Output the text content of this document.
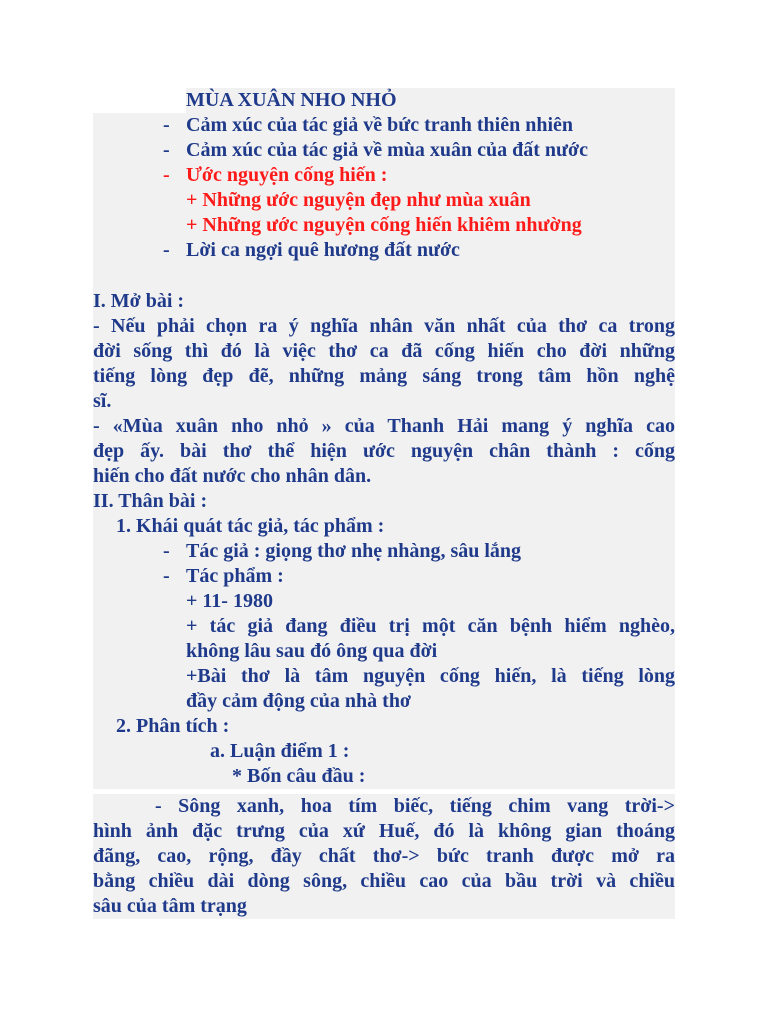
MÙA XUÂN NHO NHỎ
- Cảm xúc của tác giả về bức tranh thiên nhiên
- Cảm xúc của tác giả về mùa xuân của đất nước
- Ước nguyện cống hiến :
+ Những ước nguyện đẹp như mùa xuân
+ Những ước nguyện cống hiến khiêm nhường
- Lời ca ngợi quê hương đất nước
I. Mở bài :
- Nếu phải chọn ra ý nghĩa nhân văn nhất của thơ ca trong
đời sống thì đó là việc thơ ca đã cống hiến cho đời những
tiếng lòng đẹp đẽ, những mảng sáng trong tâm hồn nghệ
sĩ.
- «Mùa xuân nho nhỏ » của Thanh Hải mang ý nghĩa cao
đẹp ấy. bài thơ thể hiện ước nguyện chân thành : cống
hiến cho đất nước cho nhân dân.
II. Thân bài :
1. Khái quát tác giả, tác phẩm :
- Tác giả : giọng thơ nhẹ nhàng, sâu lắng
- Tác phẩm :
+ 11- 1980
+ tác giả đang điều trị một căn bệnh hiểm nghèo,
không lâu sau đó ông qua đời
+Bài thơ là tâm nguyện cống hiến, là tiếng lòng
đầy cảm động của nhà thơ
2. Phân tích :
a. Luận điểm 1 :
* Bốn câu đầu :
- Sông xanh, hoa tím biếc, tiếng chim vang trời->
hình ảnh đặc trưng của xứ Huế, đó là không gian thoáng
đãng, cao, rộng, đầy chất thơ-> bức tranh được mở ra
bằng chiều dài dòng sông, chiều cao của bầu trời và chiều
sâu của tâm trạng
